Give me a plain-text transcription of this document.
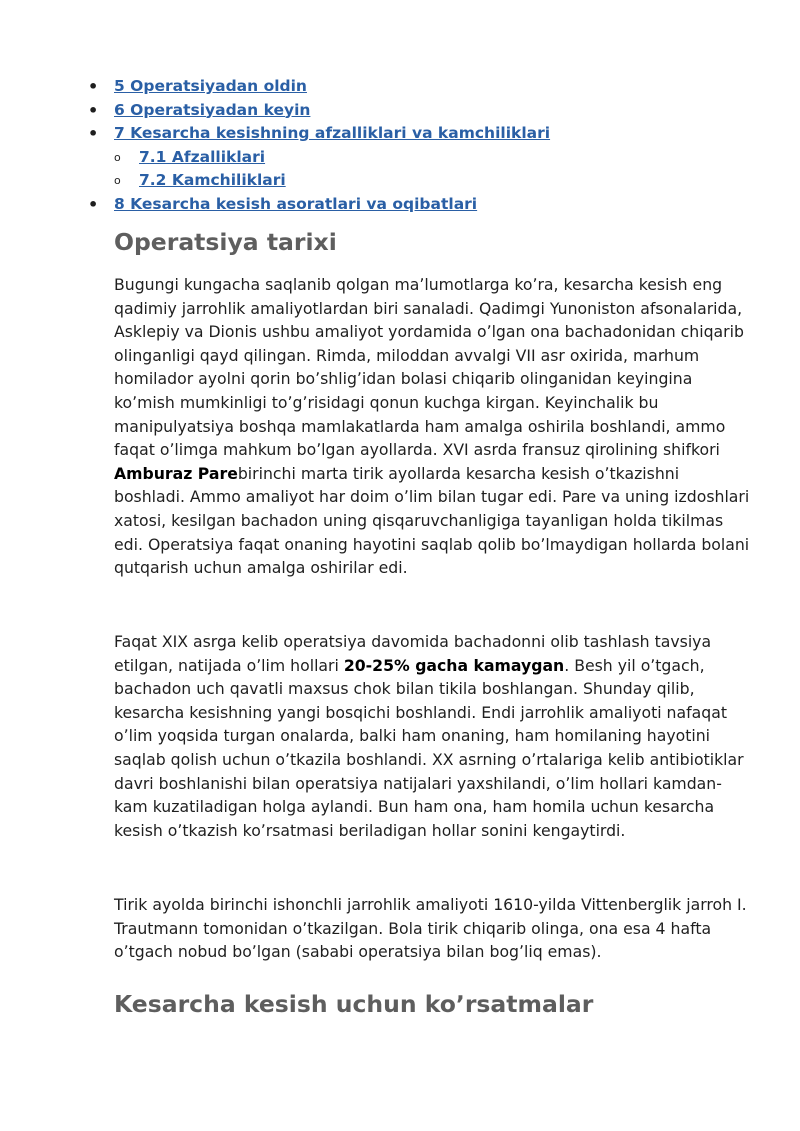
• 5 Operatsiyadan oldin
• 6 Operatsiyadan keyin
• 7 Kesarcha kesishning afzalliklari va kamchiliklari
o 7.1 Afzalliklari
o 7.2 Kamchiliklari
• 8 Kesarcha kesish asoratlari va oqibatlari
Operatsiya tarixi

Bugungi kungacha saqlanib qolgan maʼlumotlarga koʼra, kesarcha kesish eng qadimiy jarrohlik amaliyotlardan biri sanaladi. Qadimgi Yunoniston afsonalarida, Asklepiy va Dionis ushbu amaliyot yordamida oʼlgan ona bachadonidan chiqarib olinganligi qayd qilingan. Rimda, miloddan avvalgi VII asr oxirida, marhum homilador ayolni qorin boʼshligʼidan bolasi chiqarib olinganidan keyingina koʼmish mumkinligi toʼgʼrisidagi qonun kuchga kirgan. Keyinchalik bu manipulyatsiya boshqa mamlakatlarda ham amalga oshirila boshlandi, ammo faqat oʼlimga mahkum boʼlgan ayollarda. XVI asrda fransuz qirolining shifkori Amburaz Parebirinchi marta tirik ayollarda kesarcha kesish oʼtkazishni boshladi. Ammo amaliyot har doim oʼlim bilan tugar edi. Pare va uning izdoshlari xatosi, kesilgan bachadon uning qisqaruvchanligiga tayanligan holda tikilmas edi. Operatsiya faqat onaning hayotini saqlab qolib boʼlmaydigan hollarda bolani qutqarish uchun amalga oshirilar edi.

Faqat XIX asrga kelib operatsiya davomida bachadonni olib tashlash tavsiya etilgan, natijada oʼlim hollari 20-25% gacha kamaygan. Besh yil oʼtgach, bachadon uch qavatli maxsus chok bilan tikila boshlangan. Shunday qilib, kesarcha kesishning yangi bosqichi boshlandi. Endi jarrohlik amaliyoti nafaqat oʼlim yoqsida turgan onalarda, balki ham onaning, ham homilaning hayotini saqlab qolish uchun oʼtkazila boshlandi. XX asrning oʼrtalariga kelib antibiotiklar davri boshlanishi bilan operatsiya natijalari yaxshilandi, oʼlim hollari kamdan-kam kuzatiladigan holga aylandi. Bun ham ona, ham homila uchun kesarcha kesish oʼtkazish koʼrsatmasi beriladigan hollar sonini kengaytirdi.

Tirik ayolda birinchi ishonchli jarrohlik amaliyoti 1610-yilda Vittenberglik jarroh I. Trautmann tomonidan oʼtkazilgan. Bola tirik chiqarib olinga, ona esa 4 hafta oʼtgach nobud boʼlgan (sababi operatsiya bilan bogʼliq emas).

Kesarcha kesish uchun koʼrsatmalar
